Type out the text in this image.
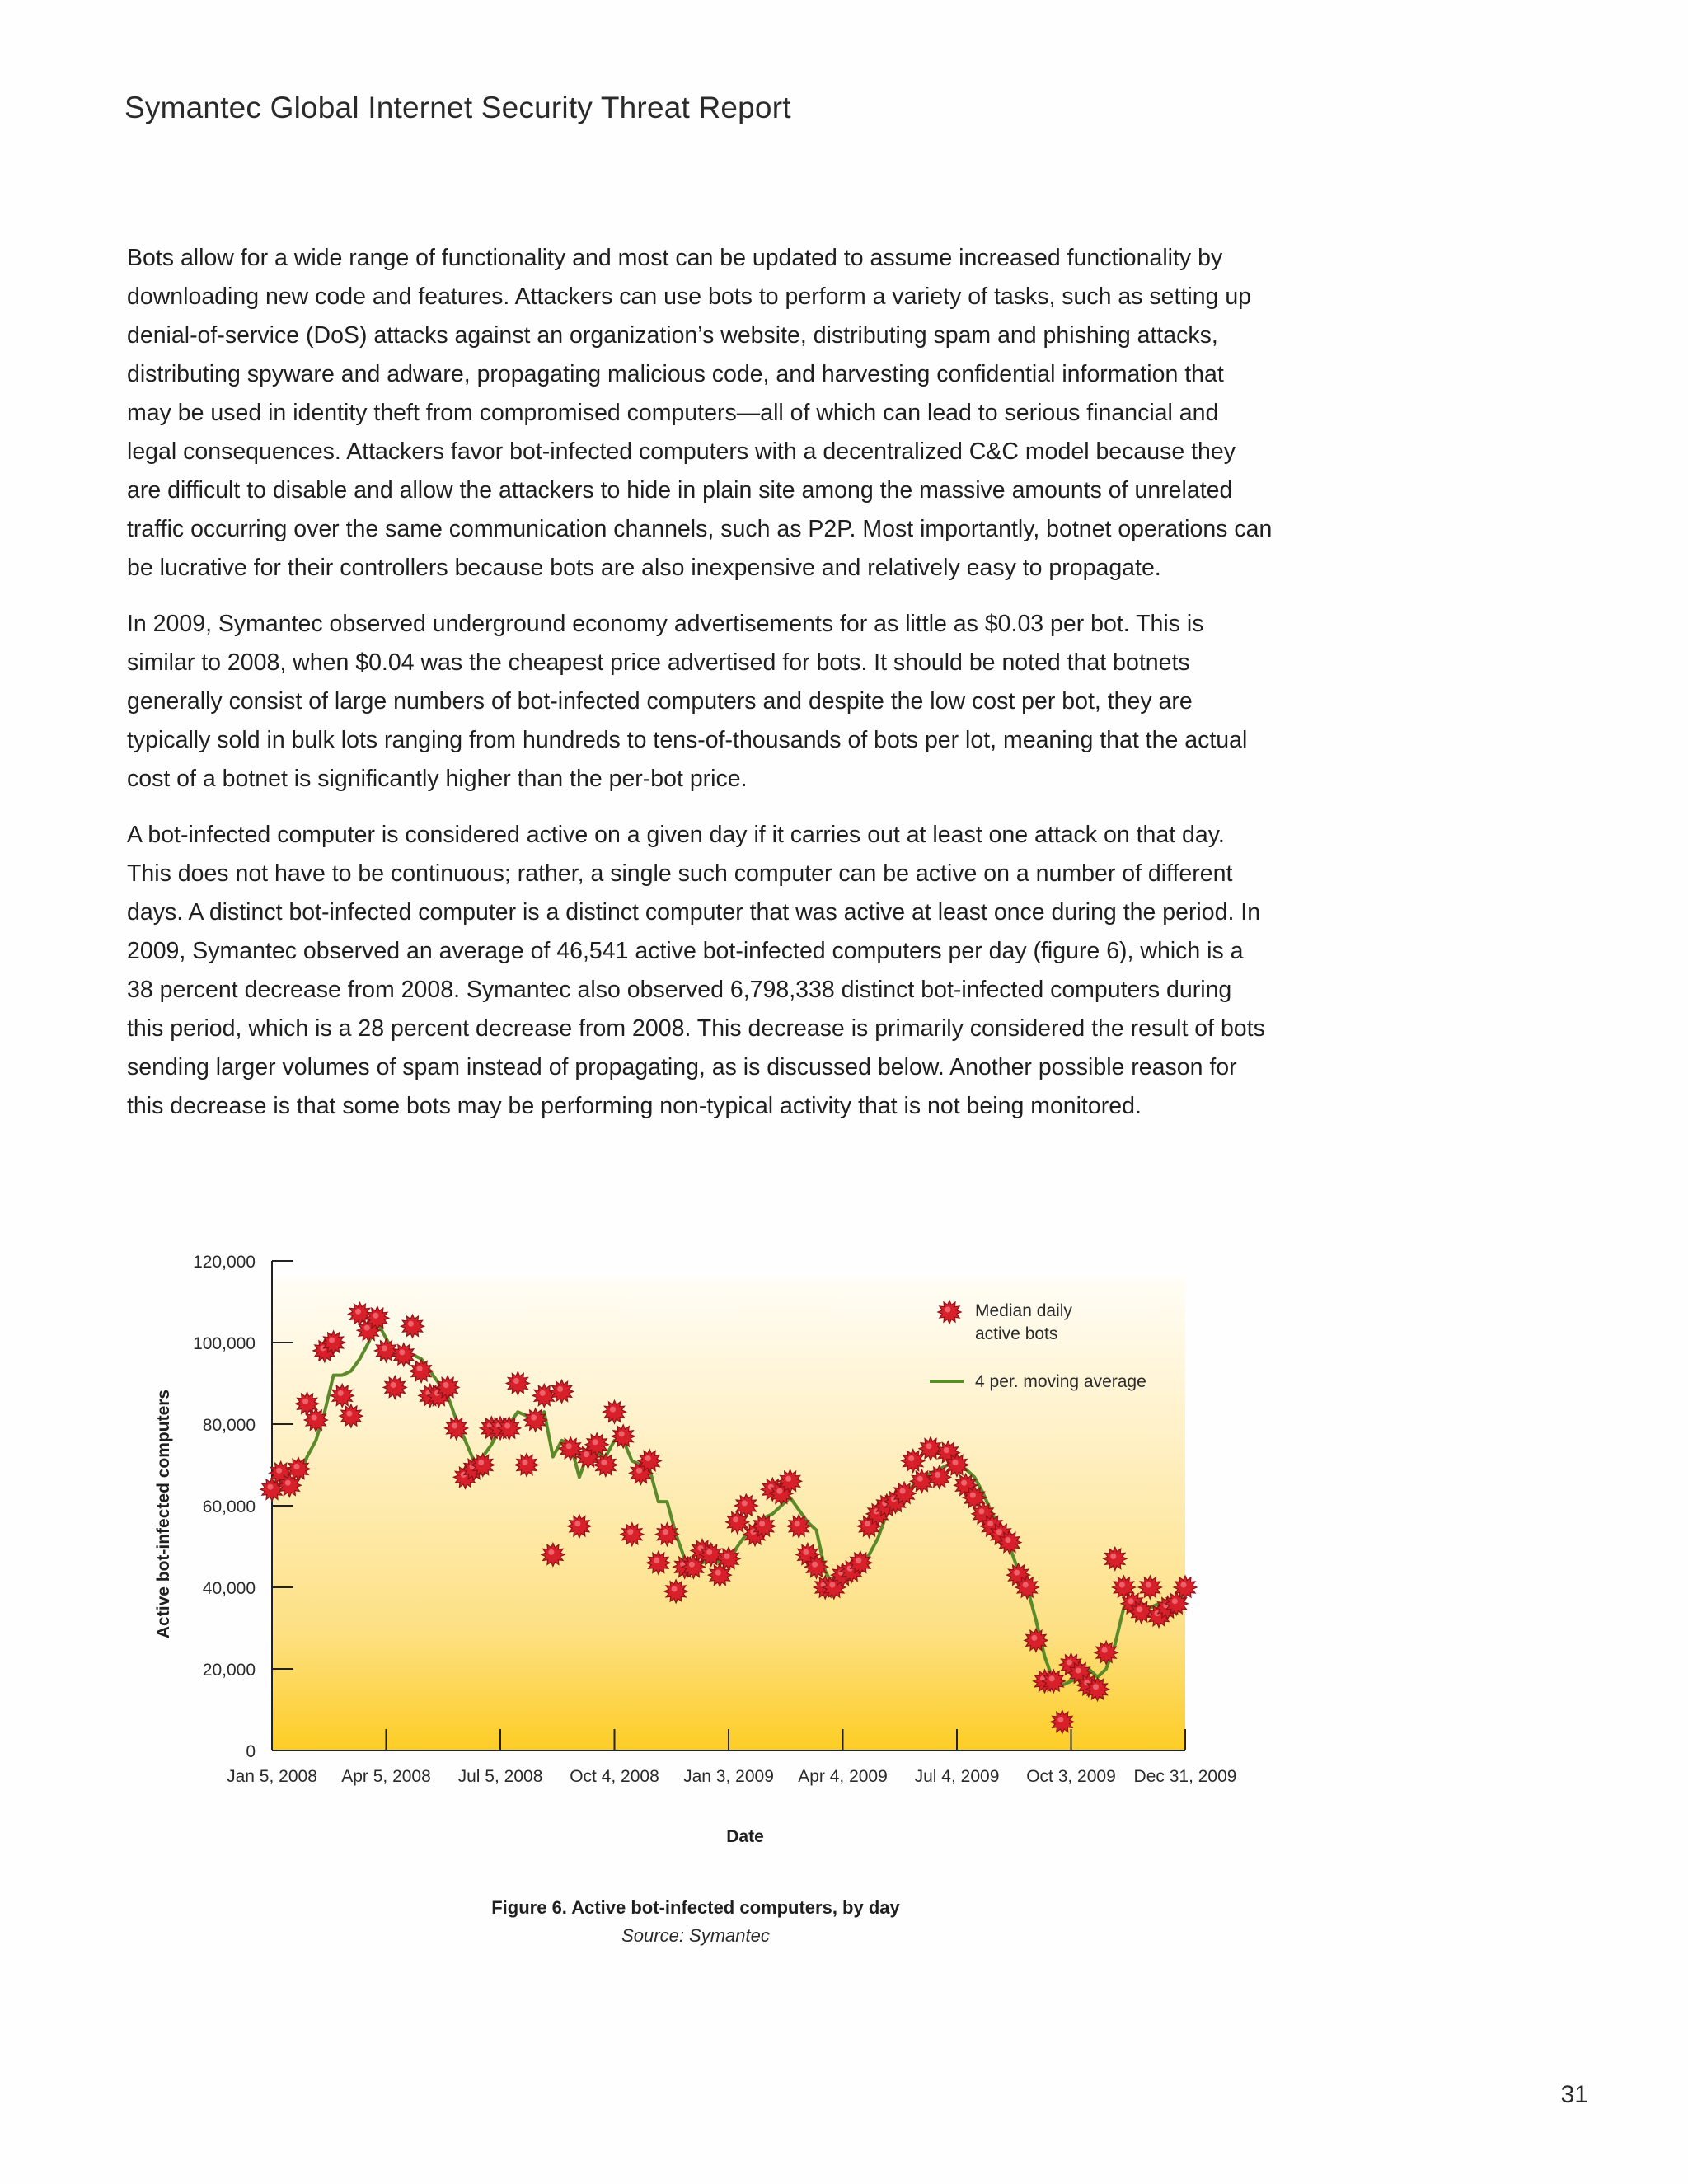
Symantec Global Internet Security Threat Report

Bots allow for a wide range of functionality and most can be updated to assume increased functionality by downloading new code and features. Attackers can use bots to perform a variety of tasks, such as setting up denial-of-service (DoS) attacks against an organization’s website, distributing spam and phishing attacks, distributing spyware and adware, propagating malicious code, and harvesting confidential information that may be used in identity theft from compromised computers—all of which can lead to serious financial and legal consequences. Attackers favor bot-infected computers with a decentralized C&C model because they are difficult to disable and allow the attackers to hide in plain site among the massive amounts of unrelated traffic occurring over the same communication channels, such as P2P. Most importantly, botnet operations can be lucrative for their controllers because bots are also inexpensive and relatively easy to propagate.

In 2009, Symantec observed underground economy advertisements for as little as $0.03 per bot. This is similar to 2008, when $0.04 was the cheapest price advertised for bots. It should be noted that botnets generally consist of large numbers of bot-infected computers and despite the low cost per bot, they are typically sold in bulk lots ranging from hundreds to tens-of-thousands of bots per lot, meaning that the actual cost of a botnet is significantly higher than the per-bot price.

A bot-infected computer is considered active on a given day if it carries out at least one attack on that day. This does not have to be continuous; rather, a single such computer can be active on a number of different days. A distinct bot-infected computer is a distinct computer that was active at least once during the period. In 2009, Symantec observed an average of 46,541 active bot-infected computers per day (figure 6), which is a 38 percent decrease from 2008. Symantec also observed 6,798,338 distinct bot-infected computers during this period, which is a 28 percent decrease from 2008. This decrease is primarily considered the result of bots sending larger volumes of spam instead of propagating, as is discussed below. Another possible reason for this decrease is that some bots may be performing non-typical activity that is not being monitored.

0
20,000
40,000
60,000
80,000
100,000
120,000
Jan 5, 2008 Apr 5, 2008 Jul 5, 2008 Oct 4, 2008 Jan 3, 2009 Apr 4, 2009 Jul 4, 2009 Oct 3, 2009 Dec 31, 2009
Date
Active bot-infected computers
Median daily
active bots
4 per. moving average
Figure 6. Active bot-infected computers, by day
Source: Symantec
31
